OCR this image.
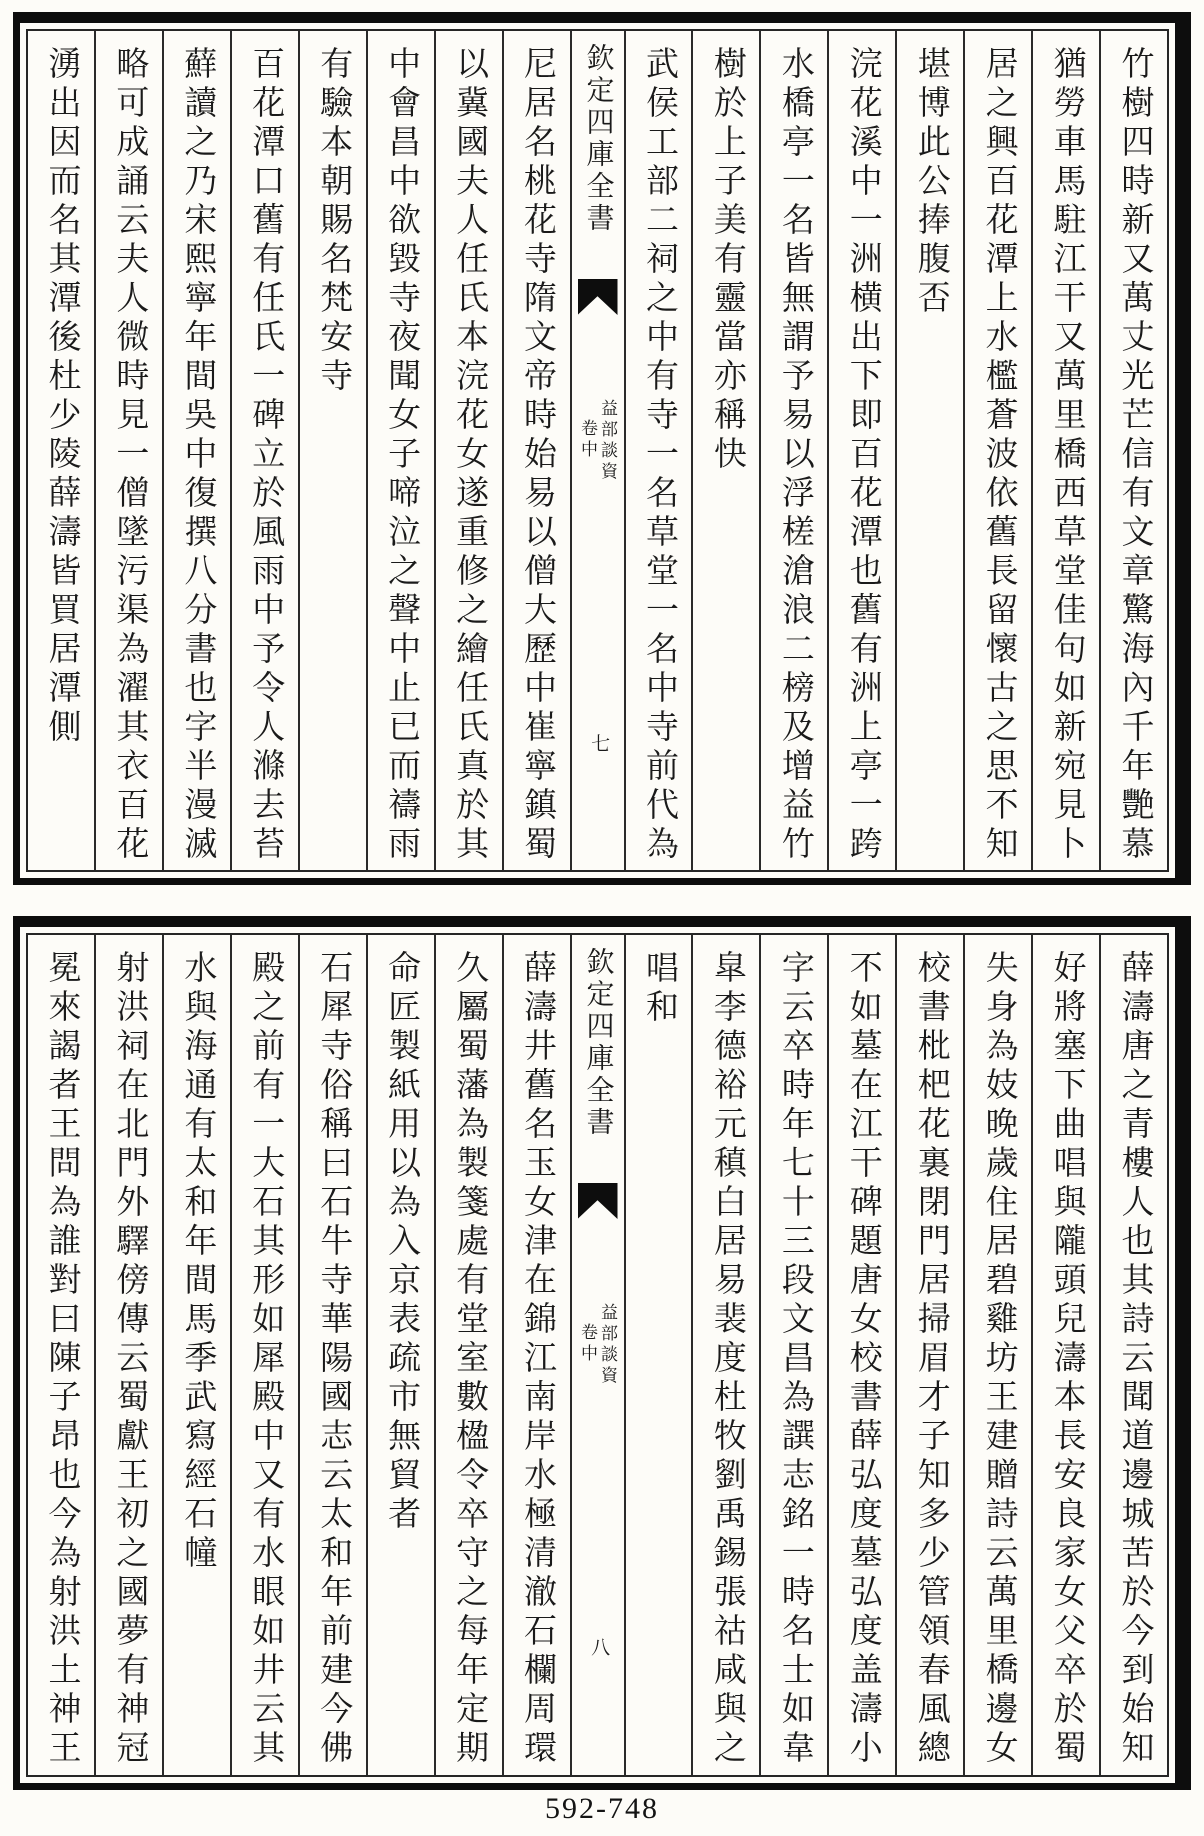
竹樹四時新又萬丈光芒信有文章驚海內千年艷慕
猶勞車馬駐江干又萬里橋西草堂佳句如新宛見卜
居之興百花潭上水檻蒼波依舊長留懷古之思不知
堪博此公捧腹否
浣花溪中一洲横出下即百花潭也舊有洲上亭一跨
水橋亭一名皆無謂予易以浮槎滄浪二榜及增益竹
樹於上子美有靈當亦稱快
武侯工部二祠之中有寺一名草堂一名中寺前代為
欽定四庫全書
益部談資
卷中
七
尼居名桃花寺隋文帝時始易以僧大歷中崔寧鎮蜀
以冀國夫人任氏本浣花女遂重修之繪任氏真於其
中會昌中欲毀寺夜聞女子啼泣之聲中止已而禱雨
有驗本朝賜名梵安寺
百花潭口舊有任氏一碑立於風雨中予令人滌去苔
蘚讀之乃宋熙寧年間吳中復撰八分書也字半漫滅
略可成誦云夫人微時見一僧墜污渠為濯其衣百花
湧出因而名其潭後杜少陵薛濤皆買居潭側
薛濤唐之青樓人也其詩云聞道邊城苦於今到始知
好將塞下曲唱與隴頭兒濤本長安良家女父卒於蜀
失身為妓晚歲住居碧雞坊王建贈詩云萬里橋邊女
校書枇杷花裏閉門居掃眉才子知多少管領春風總
不如墓在江干碑題唐女校書薛弘度墓弘度盖濤小
字云卒時年七十三段文昌為譔志銘一時名士如韋
皐李德裕元稹白居易裴度杜牧劉禹錫張祜咸與之
唱和
欽定四庫全書
益部談資
卷中
八
薛濤井舊名玉女津在錦江南岸水極清澈石欄周環
久屬蜀藩為製箋處有堂室數楹令卒守之每年定期
命匠製紙用以為入京表疏市無貿者
石犀寺俗稱曰石牛寺華陽國志云太和年前建今佛
殿之前有一大石其形如犀殿中又有水眼如井云其
水與海通有太和年間馬季武寫經石幢
射洪祠在北門外驛傍傳云蜀獻王初之國夢有神冠
冕來謁者王問為誰對曰陳子昂也今為射洪土神王
592-748
